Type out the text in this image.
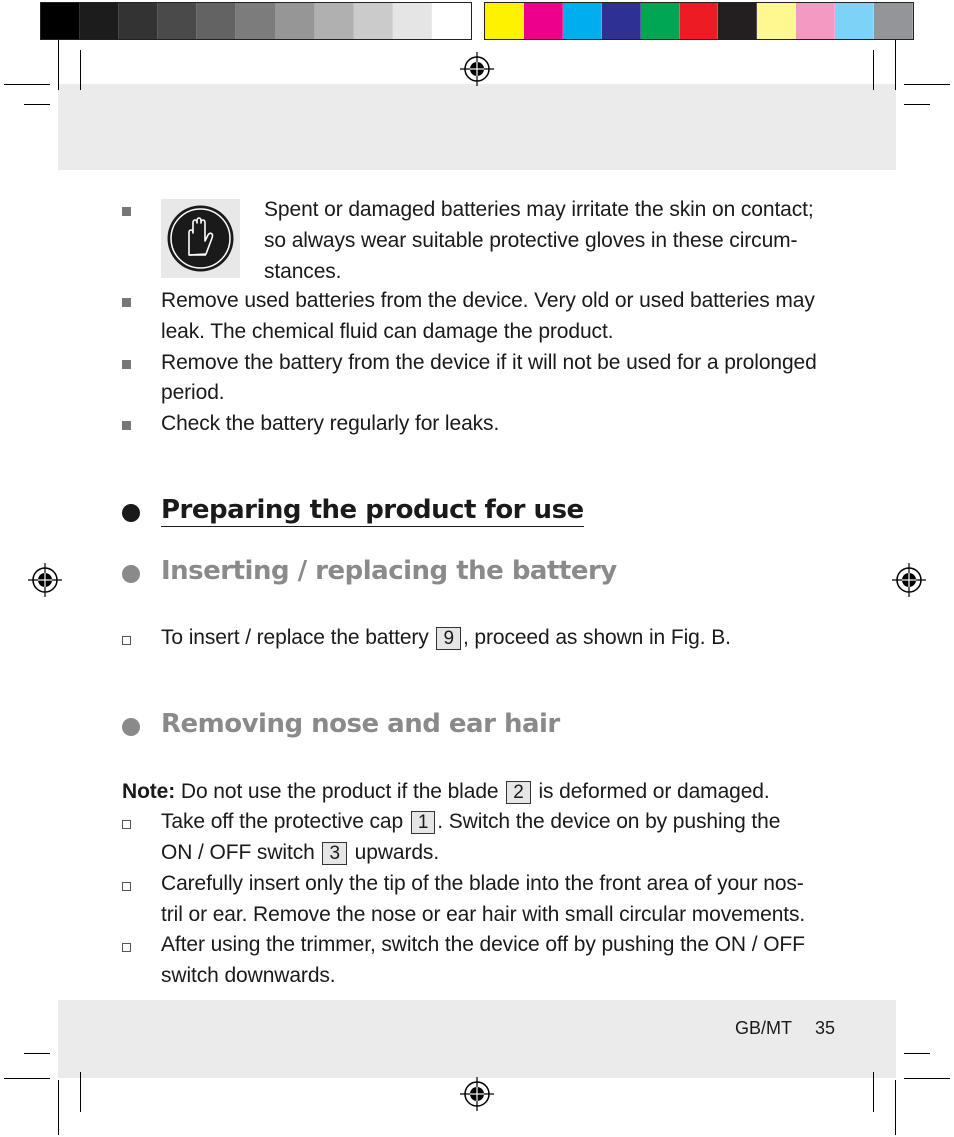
Spent or damaged batteries may irritate the skin on contact;
so always wear suitable protective gloves in these circum-
stances.
Remove used batteries from the device. Very old or used batteries may
leak. The chemical fluid can damage the product.
Remove the battery from the device if it will not be used for a prolonged
period.
Check the battery regularly for leaks.
Preparing the product for use
Inserting / replacing the battery
To insert / replace the battery 9 , proceed as shown in Fig. B.
Removing nose and ear hair
Note: Do not use the product if the blade 2 is deformed or damaged.
Take off the protective cap 1 . Switch the device on by pushing the
ON / OFF switch 3 upwards.
Carefully insert only the tip of the blade into the front area of your nos-
tril or ear. Remove the nose or ear hair with small circular movements.
After using the trimmer, switch the device off by pushing the ON / OFF
switch downwards.
GB/MT 35
